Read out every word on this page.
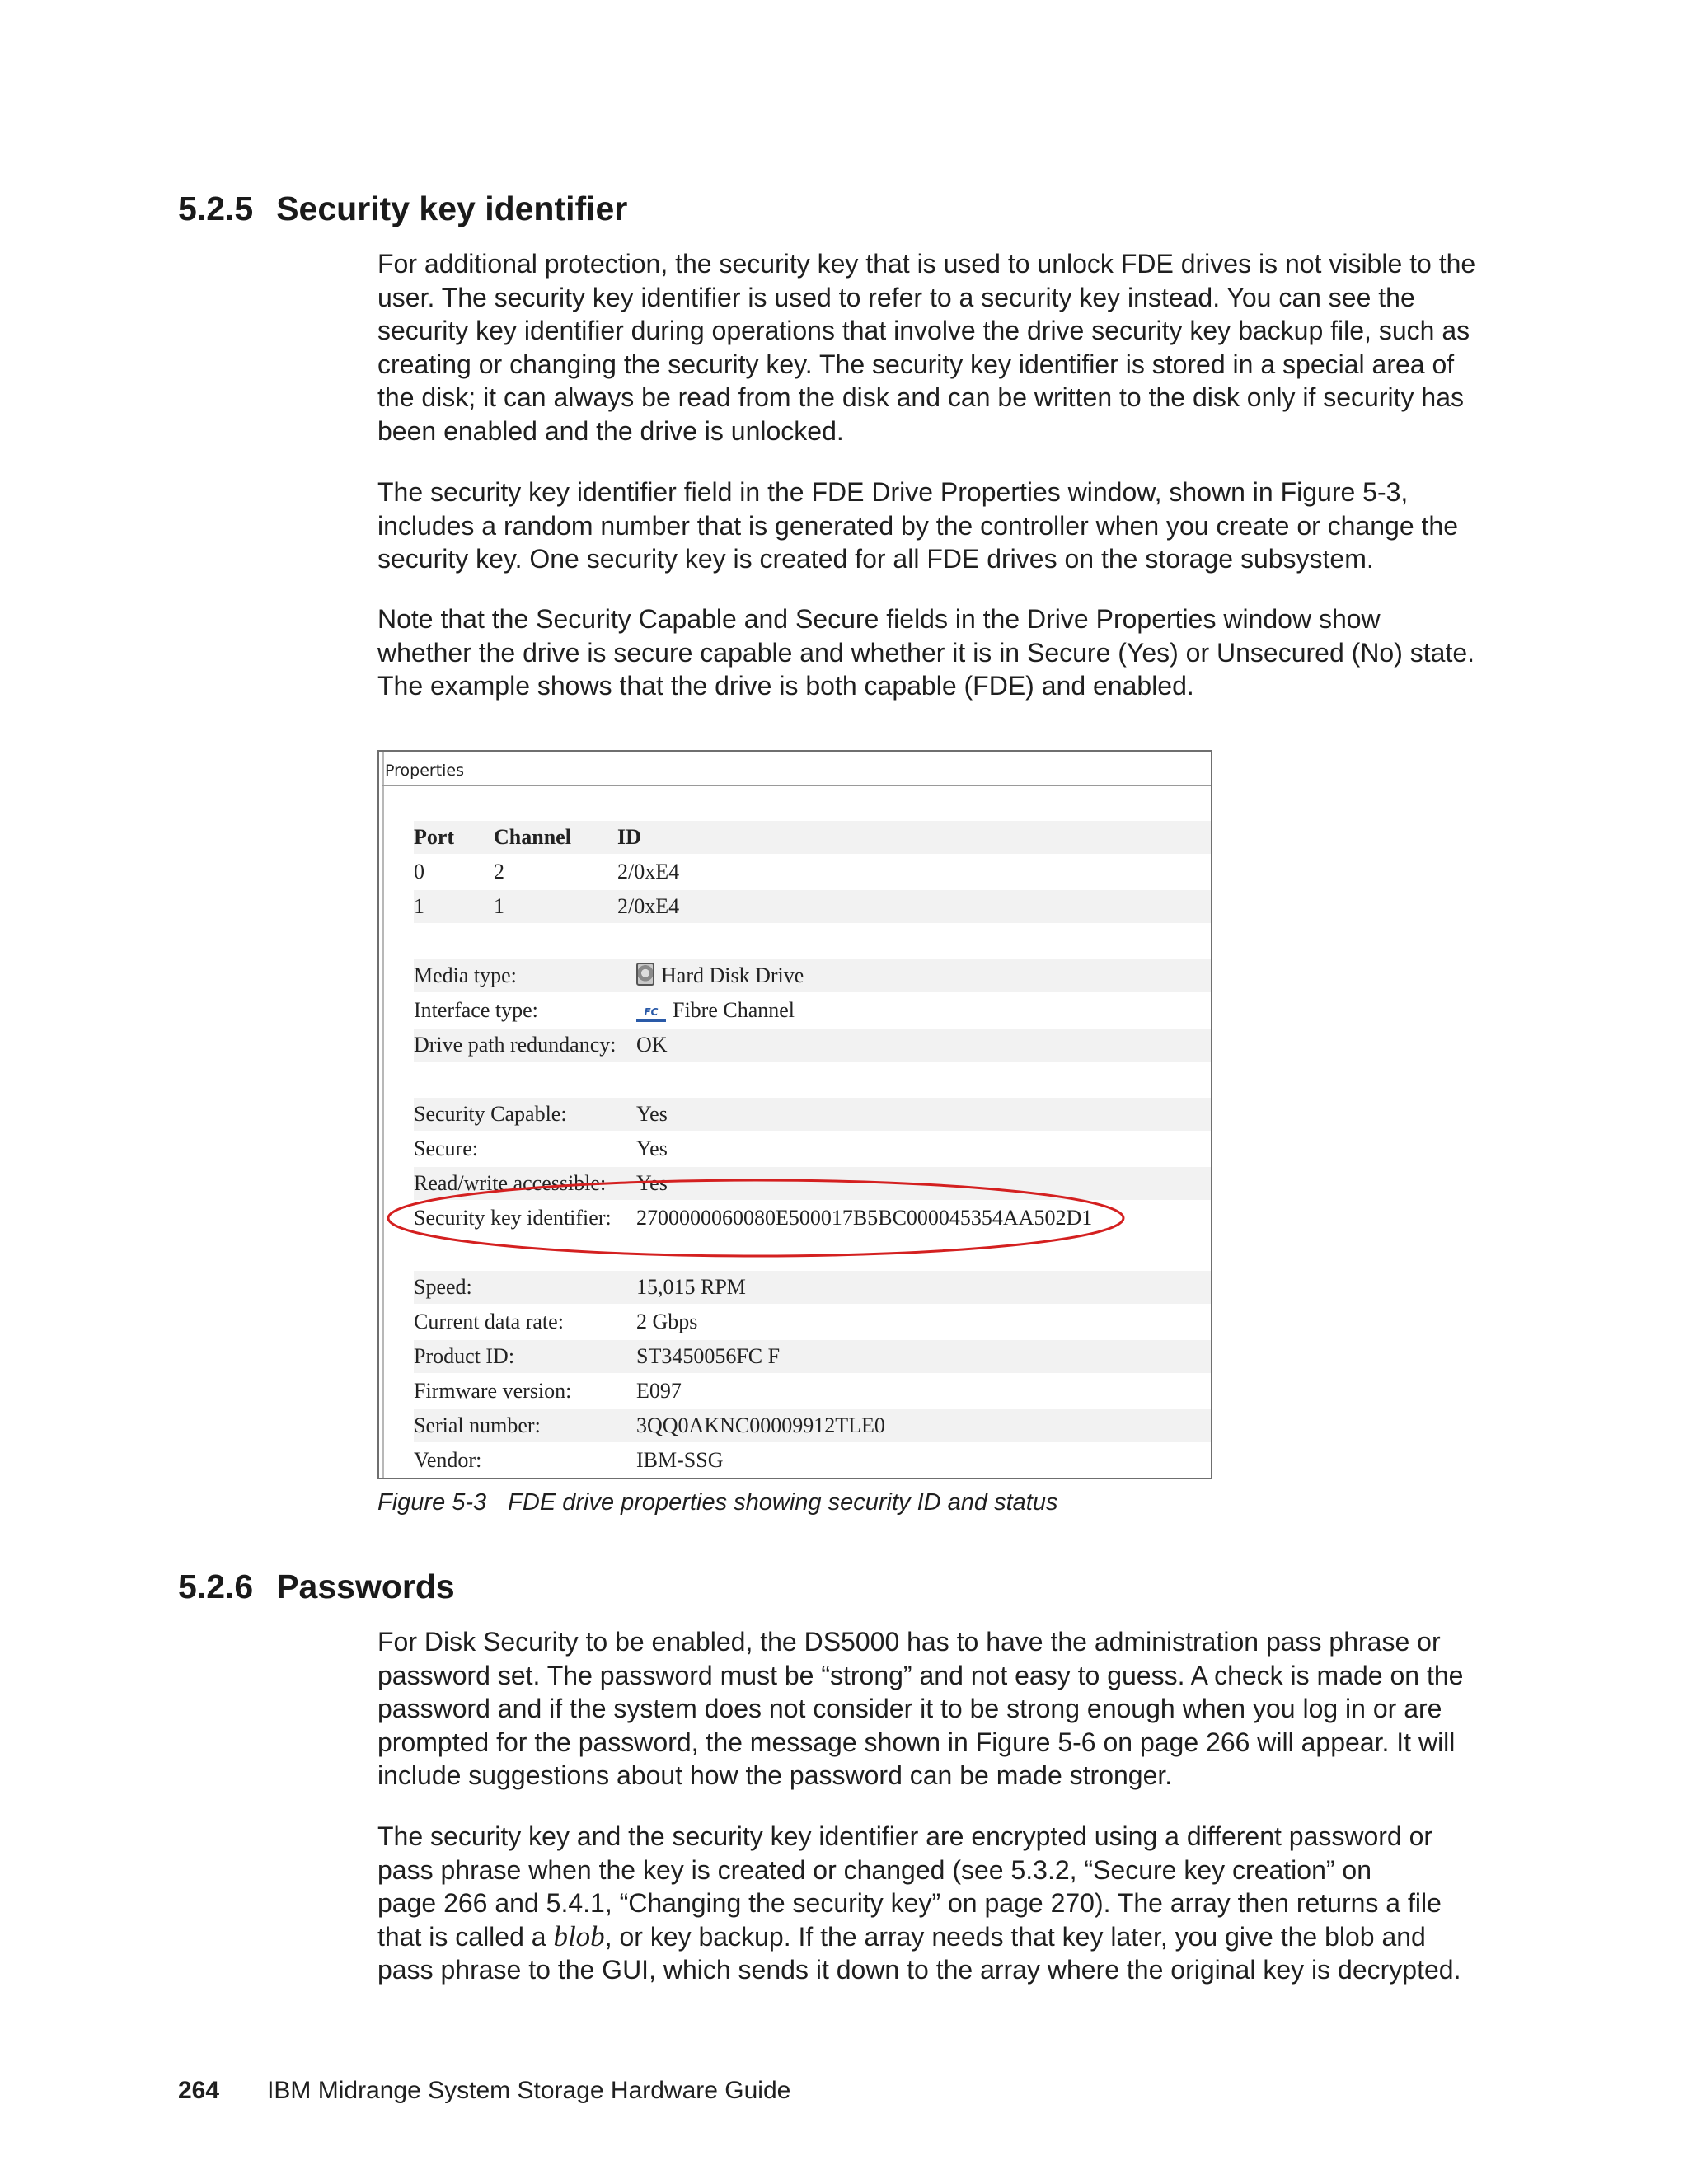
5.2.5 Security key identifier
For additional protection, the security key that is used to unlock FDE drives is not visible to the
user. The security key identifier is used to refer to a security key instead. You can see the
security key identifier during operations that involve the drive security key backup file, such as
creating or changing the security key. The security key identifier is stored in a special area of
the disk; it can always be read from the disk and can be written to the disk only if security has
been enabled and the drive is unlocked.
The security key identifier field in the FDE Drive Properties window, shown in Figure 5-3,
includes a random number that is generated by the controller when you create or change the
security key. One security key is created for all FDE drives on the storage subsystem.
Note that the Security Capable and Secure fields in the Drive Properties window show
whether the drive is secure capable and whether it is in Secure (Yes) or Unsecured (No) state.
The example shows that the drive is both capable (FDE) and enabled.
Properties
Port Channel ID
0	2	2/0xE4
1	1	2/0xE4
Media type:	Hard Disk Drive
Interface type:	FC Fibre Channel
Drive path redundancy: OK
Security Capable:	Yes
Secure:	Yes
Read/write accessible: Yes
Security key identifier: 2700000060080E500017B5BC000045354AA502D1
Speed:	15,015 RPM
Current data rate:	2 Gbps
Product ID:	ST3450056FC F
Firmware version:	E097
Serial number:	3QQ0AKNC00009912TLE0
Vendor:	IBM-SSG
Figure 5-3 FDE drive properties showing security ID and status
5.2.6 Passwords
For Disk Security to be enabled, the DS5000 has to have the administration pass phrase or
password set. The password must be “strong” and not easy to guess. A check is made on the
password and if the system does not consider it to be strong enough when you log in or are
prompted for the password, the message shown in Figure 5-6 on page 266 will appear. It will
include suggestions about how the password can be made stronger.
The security key and the security key identifier are encrypted using a different password or
pass phrase when the key is created or changed (see 5.3.2, “Secure key creation” on
page 266 and 5.4.1, “Changing the security key” on page 270). The array then returns a file
that is called a blob, or key backup. If the array needs that key later, you give the blob and
pass phrase to the GUI, which sends it down to the array where the original key is decrypted.
264 IBM Midrange System Storage Hardware Guide
